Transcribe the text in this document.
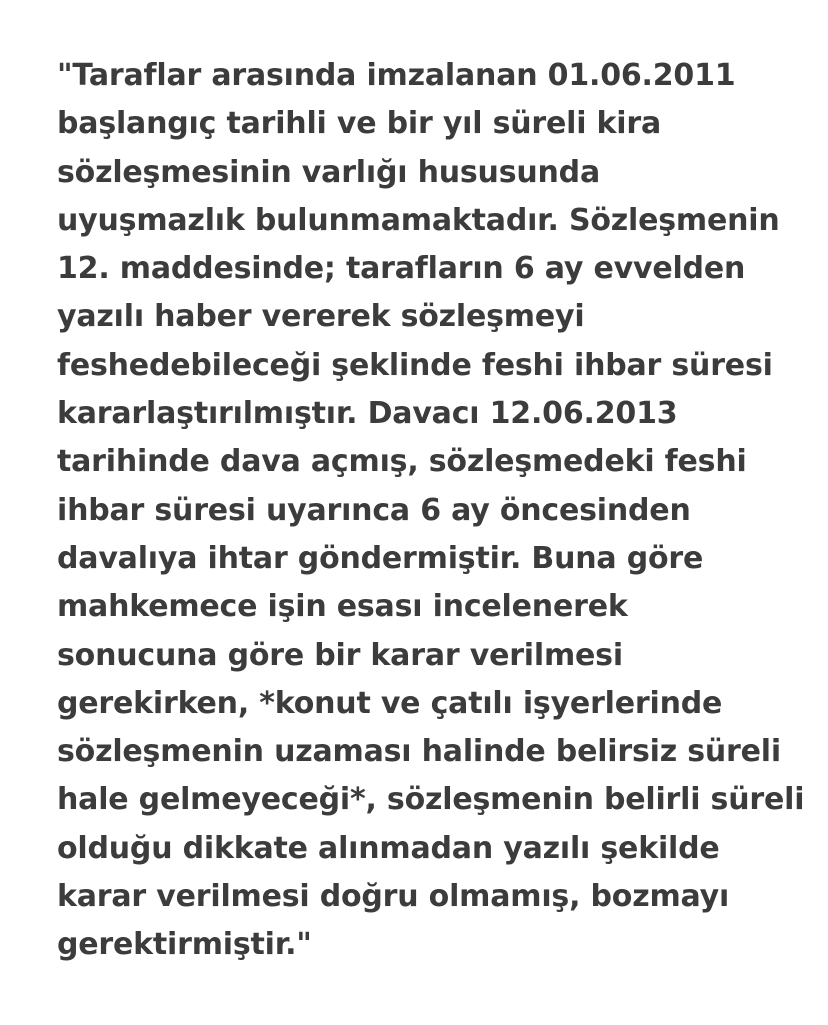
"Taraflar arasında imzalanan 01.06.2011
başlangıç tarihli ve bir yıl süreli kira
sözleşmesinin varlığı hususunda
uyuşmazlık bulunmamaktadır. Sözleşmenin
12. maddesinde; tarafların 6 ay evvelden
yazılı haber vererek sözleşmeyi
feshedebileceği şeklinde feshi ihbar süresi
kararlaştırılmıştır. Davacı 12.06.2013
tarihinde dava açmış, sözleşmedeki feshi
ihbar süresi uyarınca 6 ay öncesinden
davalıya ihtar göndermiştir. Buna göre
mahkemece işin esası incelenerek
sonucuna göre bir karar verilmesi
gerekirken, *konut ve çatılı işyerlerinde
sözleşmenin uzaması halinde belirsiz süreli
hale gelmeyeceği*, sözleşmenin belirli süreli
olduğu dikkate alınmadan yazılı şekilde
karar verilmesi doğru olmamış, bozmayı
gerektirmiştir."
